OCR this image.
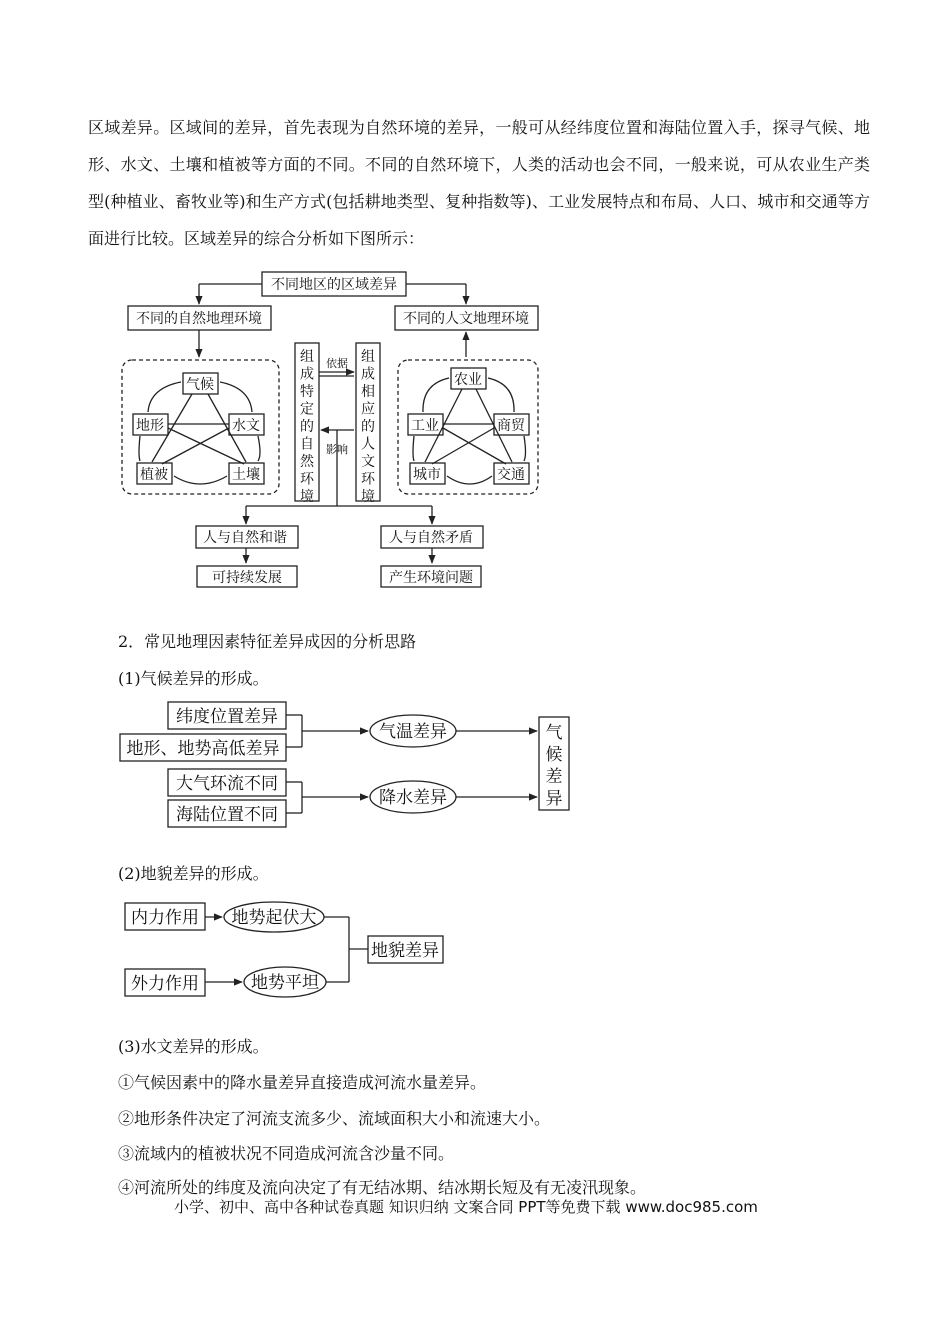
区域差异。区域间的差异，首先表现为自然环境的差异，一般可从经纬度位置和海陆位置入手，探寻气候、地形、水文、土壤和植被等方面的不同。不同的自然环境下，人类的活动也会不同，一般来说，可从农业生产类型(种植业、畜牧业等)和生产方式(包括耕地类型、复种指数等)、工业发展特点和布局、人口、城市和交通等方面进行比较。区域差异的综合分析如下图所示：
不同地区的区域差异
不同的自然地理环境	不同的人文地理环境
气候
地形	水文
植被	土壤
农业
工业	商贸
城市	交通
人与自然和谐	人与自然矛盾
可持续发展	产生环境问题
依据
影响
组
成
特
定
的
自
然
环
境
组
成
相
应
的
人
文
环
境
纬度位置差异
地形、地势高低差异
大气环流不同
海陆位置不同
气温差异
降水差异
气
候
差
异
内力作用
外力作用
地势起伏大
地势平坦
地貌差异
2．常见地理因素特征差异成因的分析思路
(1)气候差异的形成。
(2)地貌差异的形成。
(3)水文差异的形成。
①气候因素中的降水量差异直接造成河流水量差异。
②地形条件决定了河流支流多少、流域面积大小和流速大小。
③流域内的植被状况不同造成河流含沙量不同。
④河流所处的纬度及流向决定了有无结冰期、结冰期长短及有无凌汛现象。
小学、初中、高中各种试卷真题 知识归纳 文案合同 PPT等免费下载 www.doc985.com
